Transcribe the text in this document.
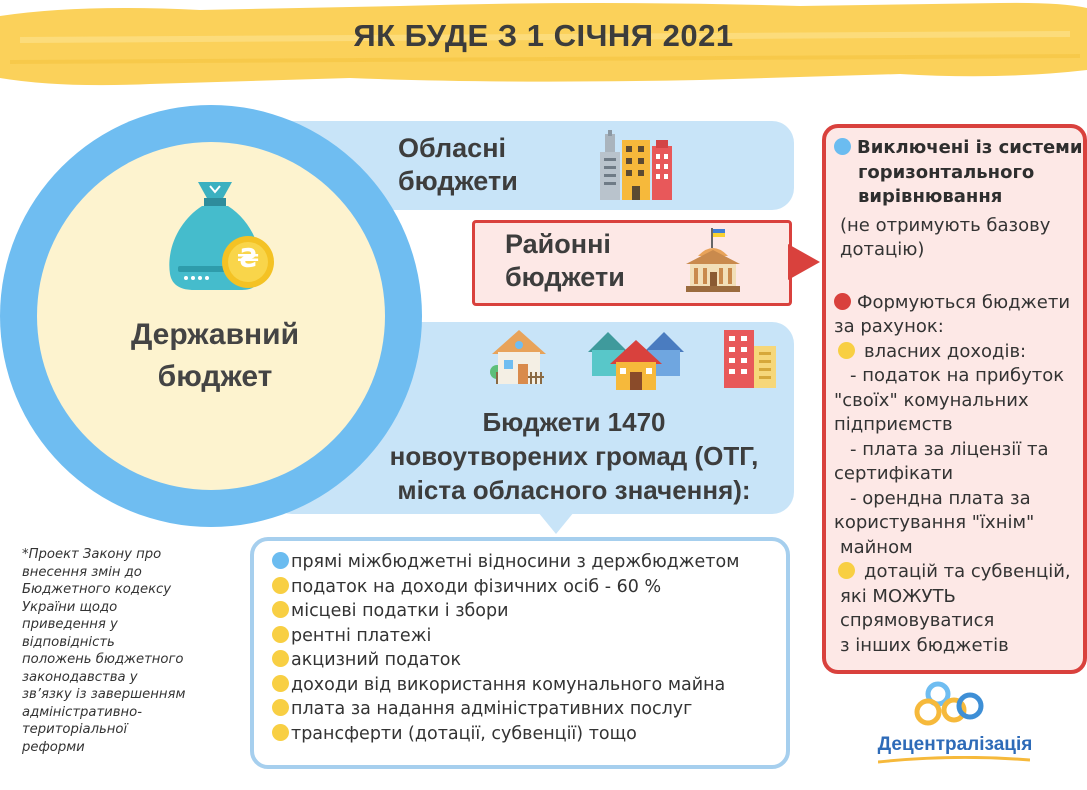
ЯК БУДЕ З 1 СІЧНЯ 2021
Обласні
бюджети
Бюджети 1470
новоутворених громад (ОТГ,
міста обласного значення):
₴
Державний
бюджет
Районні
бюджети
Виключені із системи
горизонтального
вирівнювання
(не отримують базову
дотацію)
Формуються бюджети
за рахунок:
власних доходів:
- податок на прибуток
"своїх" комунальних
підприємств
- плата за ліцензії та
сертифікати
- орендна плата за
користування "їхнім"
майном
дотацій та субвенцій,
які МОЖУТЬ
спрямовуватися
з інших бюджетів
прямі міжбюджетні відносини з держбюджетом
податок на доходи фізичних осіб - 60 %
місцеві податки і збори
рентні платежі
акцизний податок
доходи від використання комунального майна
плата за надання адміністративних послуг
трансферти (дотації, субвенції) тощо
*Проект Закону про
внесення змін до
Бюджетного кодексу
України щодо
приведення у
відповідність
положень бюджетного
законодавства у
зв’язку із завершенням
адміністративно-
територіальної
реформи	Децентралізація
